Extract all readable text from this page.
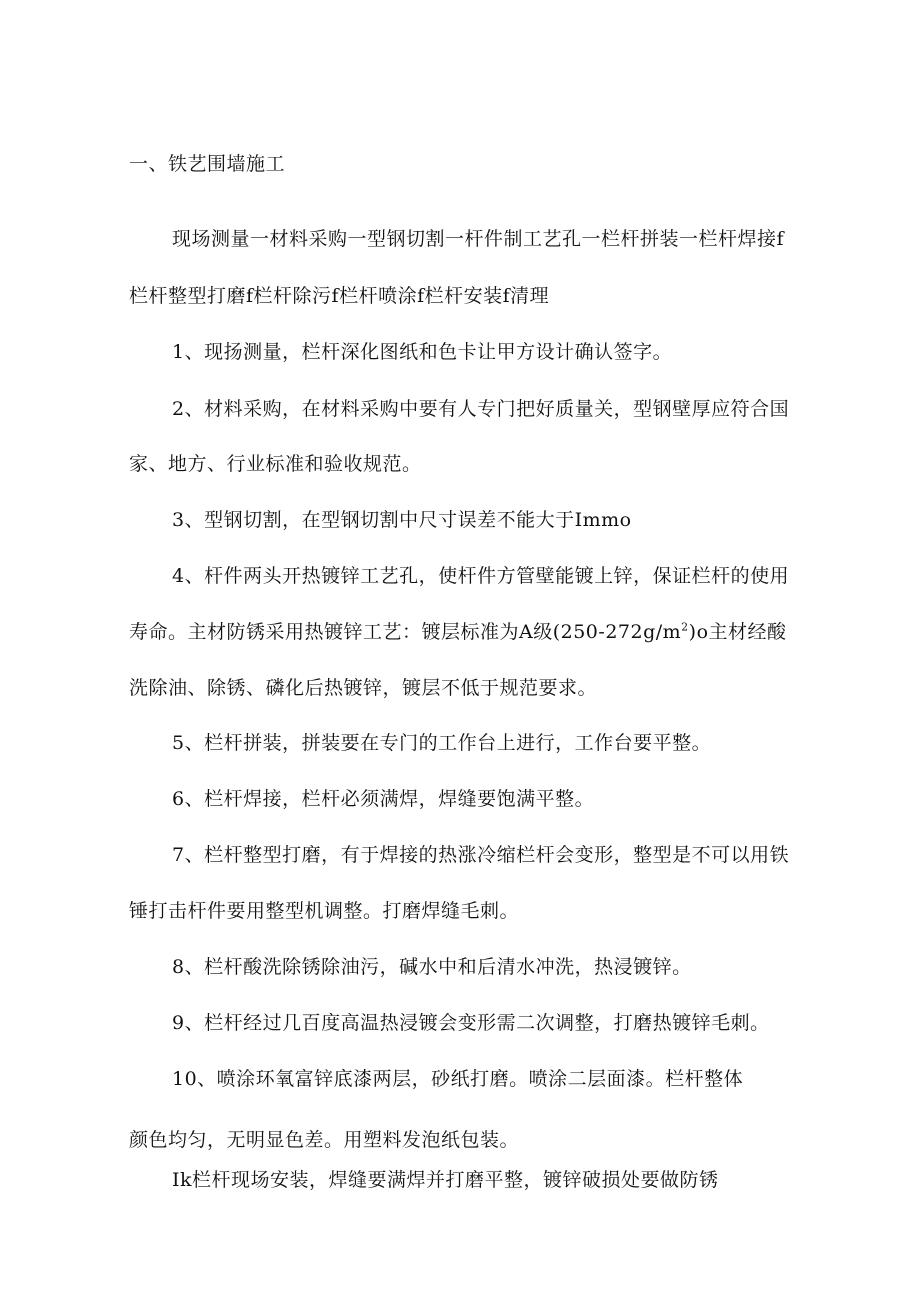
一、铁艺围墙施工
现场测量一材料采购一型钢切割一杆件制工艺孔一栏杆拼装一栏杆焊接f
栏杆整型打磨f栏杆除污f栏杆喷涂f栏杆安装f清理
1、现扬测量，栏杆深化图纸和色卡让甲方设计确认签字。
2、材料采购，在材料采购中要有人专门把好质量关，型钢壁厚应符合国
家、地方、行业标准和验收规范。
3、型钢切割，在型钢切割中尺寸误差不能大于Immo
4、杆件两头开热镀锌工艺孔，使杆件方管壁能镀上锌，保证栏杆的使用
寿命。主材防锈采用热镀锌工艺：镀层标准为A级$(250-272g/m^2)o$主材经酸
洗除油、除锈、磷化后热镀锌，镀层不低于规范要求。
5、栏杆拼装，拼装要在专门的工作台上进行，工作台要平整。
6、栏杆焊接，栏杆必须满焊，焊缝要饱满平整。
7、栏杆整型打磨，有于焊接的热涨冷缩栏杆会变形，整型是不可以用铁
锤打击杆件要用整型机调整。打磨焊缝毛刺。
8、栏杆酸洗除锈除油污，碱水中和后清水冲洗，热浸镀锌。
9、栏杆经过几百度高温热浸镀会变形需二次调整，打磨热镀锌毛刺。
10、喷涂环氧富锌底漆两层，砂纸打磨。喷涂二层面漆。栏杆整体
颜色均匀，无明显色差。用塑料发泡纸包装。
Ik栏杆现场安装，焊缝要满焊并打磨平整，镀锌破损处要做防锈
